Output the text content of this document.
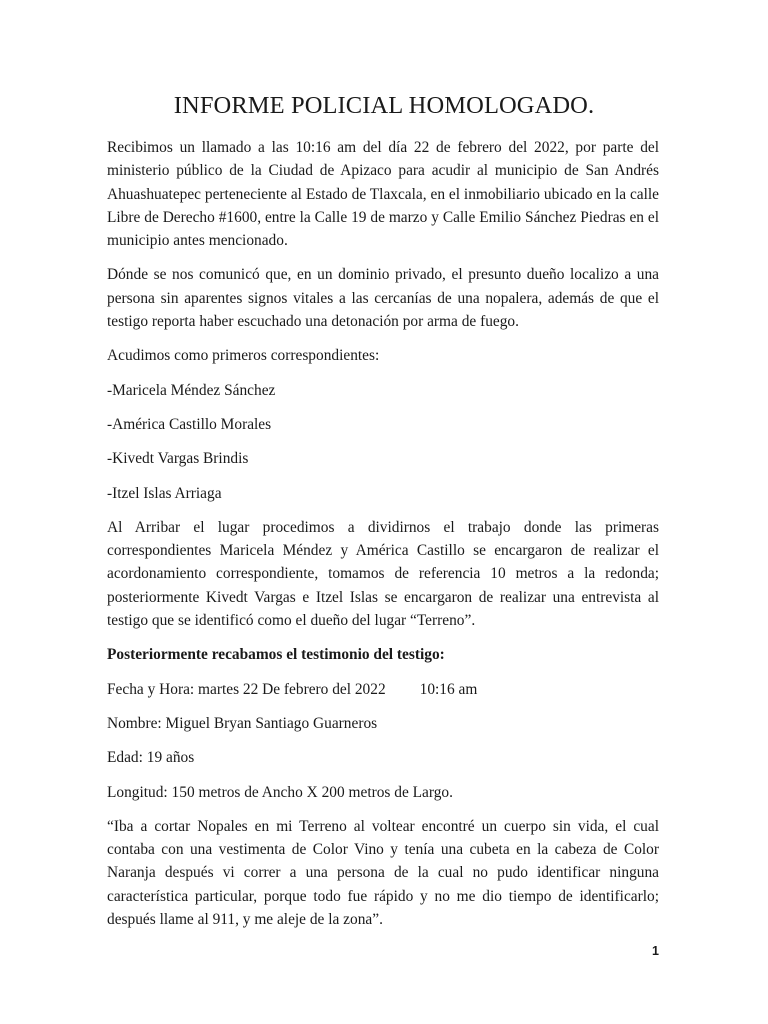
INFORME POLICIAL HOMOLOGADO.

Recibimos un llamado a las 10:16 am del día 22 de febrero del 2022, por parte del ministerio público de la Ciudad de Apizaco para acudir al municipio de San Andrés Ahuashuatepec perteneciente al Estado de Tlaxcala, en el inmobiliario ubicado en la calle Libre de Derecho #1600, entre la Calle 19 de marzo y Calle Emilio Sánchez Piedras en el municipio antes mencionado.

Dónde se nos comunicó que, en un dominio privado, el presunto dueño localizo a una persona sin aparentes signos vitales a las cercanías de una nopalera, además de que el testigo reporta haber escuchado una detonación por arma de fuego.

Acudimos como primeros correspondientes:

-Maricela Méndez Sánchez

-América Castillo Morales

-Kivedt Vargas Brindis

-Itzel Islas Arriaga

Al Arribar el lugar procedimos a dividirnos el trabajo donde las primeras correspondientes Maricela Méndez y América Castillo se encargaron de realizar el acordonamiento correspondiente, tomamos de referencia 10 metros a la redonda; posteriormente Kivedt Vargas e Itzel Islas se encargaron de realizar una entrevista al testigo que se identificó como el dueño del lugar “Terreno”.

Posteriormente recabamos el testimonio del testigo:

Fecha y Hora: martes 22 De febrero del 2022 10:16 am

Nombre: Miguel Bryan Santiago Guarneros

Edad: 19 años

Longitud: 150 metros de Ancho X 200 metros de Largo.

“Iba a cortar Nopales en mi Terreno al voltear encontré un cuerpo sin vida, el cual contaba con una vestimenta de Color Vino y tenía una cubeta en la cabeza de Color Naranja después vi correr a una persona de la cual no pudo identificar ninguna característica particular, porque todo fue rápido y no me dio tiempo de identificarlo; después llame al 911, y me aleje de la zona”.

1
